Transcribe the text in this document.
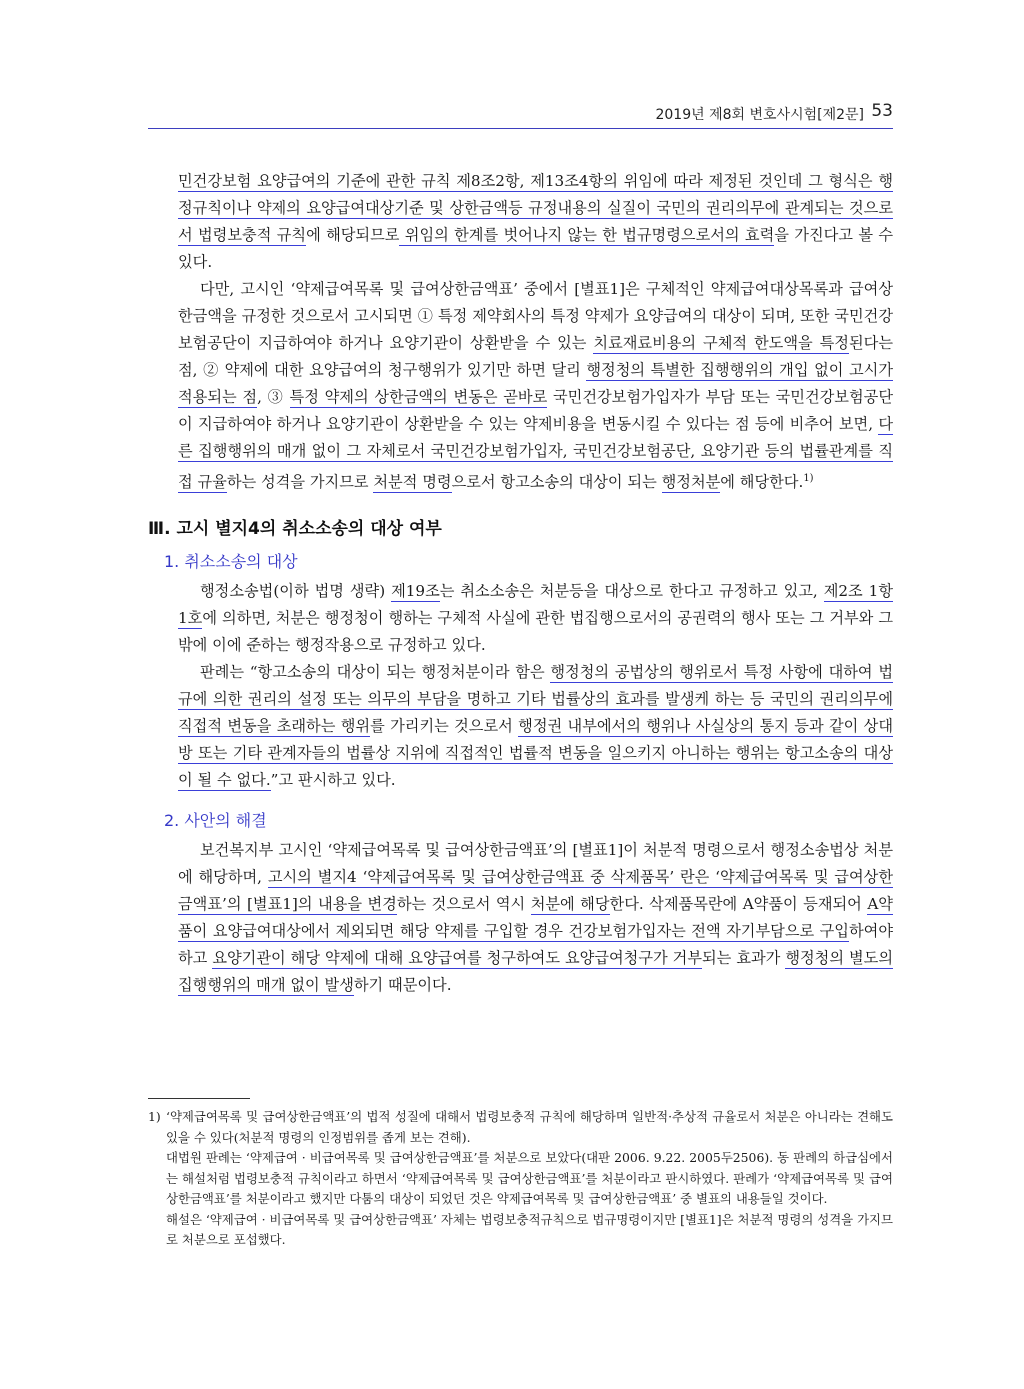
2019년 제8회 변호사시험[제2문] 53

민건강보험 요양급여의 기준에 관한 규칙 제8조2항, 제13조4항의 위임에 따라 제정된 것인데 그 형식은 행정규칙이나 약제의 요양급여대상기준 및 상한금액등 규정내용의 실질이 국민의 권리의무에 관계되는 것으로서 법령보충적 규칙에 해당되므로 위임의 한계를 벗어나지 않는 한 법규명령으로서의 효력을 가진다고 볼 수 있다.

다만, 고시인 ‘약제급여목록 및 급여상한금액표’ 중에서 [별표1]은 구체적인 약제급여대상목록과 급여상한금액을 규정한 것으로서 고시되면 ① 특정 제약회사의 특정 약제가 요양급여의 대상이 되며, 또한 국민건강보험공단이 지급하여야 하거나 요양기관이 상환받을 수 있는 치료재료비용의 구체적 한도액을 특정된다는 점, ② 약제에 대한 요양급여의 청구행위가 있기만 하면 달리 행정청의 특별한 집행행위의 개입 없이 고시가 적용되는 점, ③ 특정 약제의 상한금액의 변동은 곧바로 국민건강보험가입자가 부담 또는 국민건강보험공단이 지급하여야 하거나 요양기관이 상환받을 수 있는 약제비용을 변동시킬 수 있다는 점 등에 비추어 보면, 다른 집행행위의 매개 없이 그 자체로서 국민건강보험가입자, 국민건강보험공단, 요양기관 등의 법률관계를 직접 규율하는 성격을 가지므로 처분적 명령으로서 항고소송의 대상이 되는 행정처분에 해당한다.$^{1)}$

Ⅲ. 고시 별지4의 취소소송의 대상 여부
1. 취소소송의 대상

행정소송법(이하 법명 생략) 제19조는 취소소송은 처분등을 대상으로 한다고 규정하고 있고, 제2조 1항 1호에 의하면, 처분은 행정청이 행하는 구체적 사실에 관한 법집행으로서의 공권력의 행사 또는 그 거부와 그 밖에 이에 준하는 행정작용으로 규정하고 있다.

판례는 “항고소송의 대상이 되는 행정처분이라 함은 행정청의 공법상의 행위로서 특정 사항에 대하여 법규에 의한 권리의 설정 또는 의무의 부담을 명하고 기타 법률상의 효과를 발생케 하는 등 국민의 권리의무에 직접적 변동을 초래하는 행위를 가리키는 것으로서 행정권 내부에서의 행위나 사실상의 통지 등과 같이 상대방 또는 기타 관계자들의 법률상 지위에 직접적인 법률적 변동을 일으키지 아니하는 행위는 항고소송의 대상이 될 수 없다.”고 판시하고 있다.

2. 사안의 해결

보건복지부 고시인 ‘약제급여목록 및 급여상한금액표’의 [별표1]이 처분적 명령으로서 행정소송법상 처분에 해당하며, 고시의 별지4 ‘약제급여목록 및 급여상한금액표 중 삭제품목’ 란은 ‘약제급여목록 및 급여상한금액표’의 [별표1]의 내용을 변경하는 것으로서 역시 처분에 해당한다. 삭제품목란에 A약품이 등재되어 A약품이 요양급여대상에서 제외되면 해당 약제를 구입할 경우 건강보험가입자는 전액 자기부담으로 구입하여야 하고 요양기관이 해당 약제에 대해 요양급여를 청구하여도 요양급여청구가 거부되는 효과가 행정청의 별도의 집행행위의 매개 없이 발생하기 때문이다.

1) ‘약제급여목록 및 급여상한금액표’의 법적 성질에 대해서 법령보충적 규칙에 해당하며 일반적·추상적 규율로서 처분은 아니라는 견해도 있을 수 있다(처분적 명령의 인정범위를 좁게 보는 견해).

대법원 판례는 ‘약제급여 · 비급여목록 및 급여상한금액표’를 처분으로 보았다(대판 2006. 9.22. 2005두2506). 동 판례의 하급심에서는 해설처럼 법령보충적 규칙이라고 하면서 ‘약제급여목록 및 급여상한금액표’를 처분이라고 판시하였다. 판례가 ‘약제급여목록 및 급여상한금액표’를 처분이라고 했지만 다툼의 대상이 되었던 것은 약제급여목록 및 급여상한금액표’ 중 별표의 내용들일 것이다.

해설은 ‘약제급여 · 비급여목록 및 급여상한금액표’ 자체는 법령보충적규칙으로 법규명령이지만 [별표1]은 처분적 명령의 성격을 가지므로 처분으로 포섭했다.
